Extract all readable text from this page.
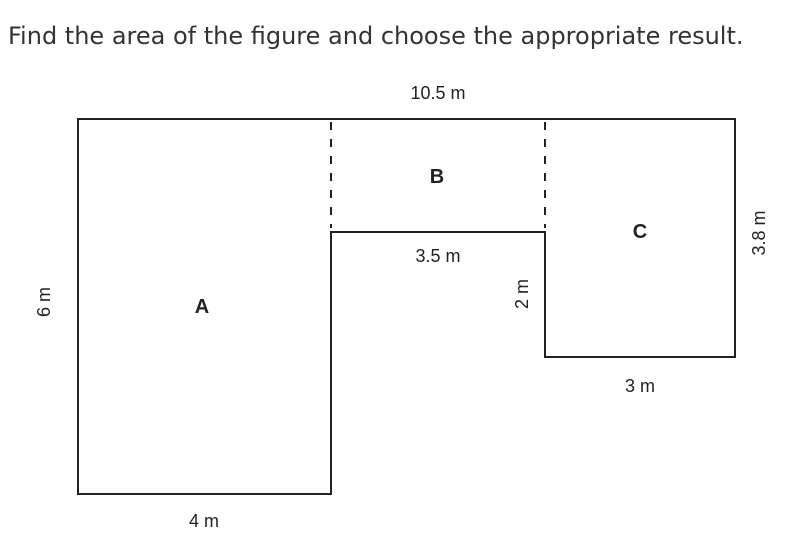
Find the area of the figure and choose the appropriate result.
A
B
C
10.5 m
3.5 m
3 m
4 m
6 m	2 m
3.8 m
